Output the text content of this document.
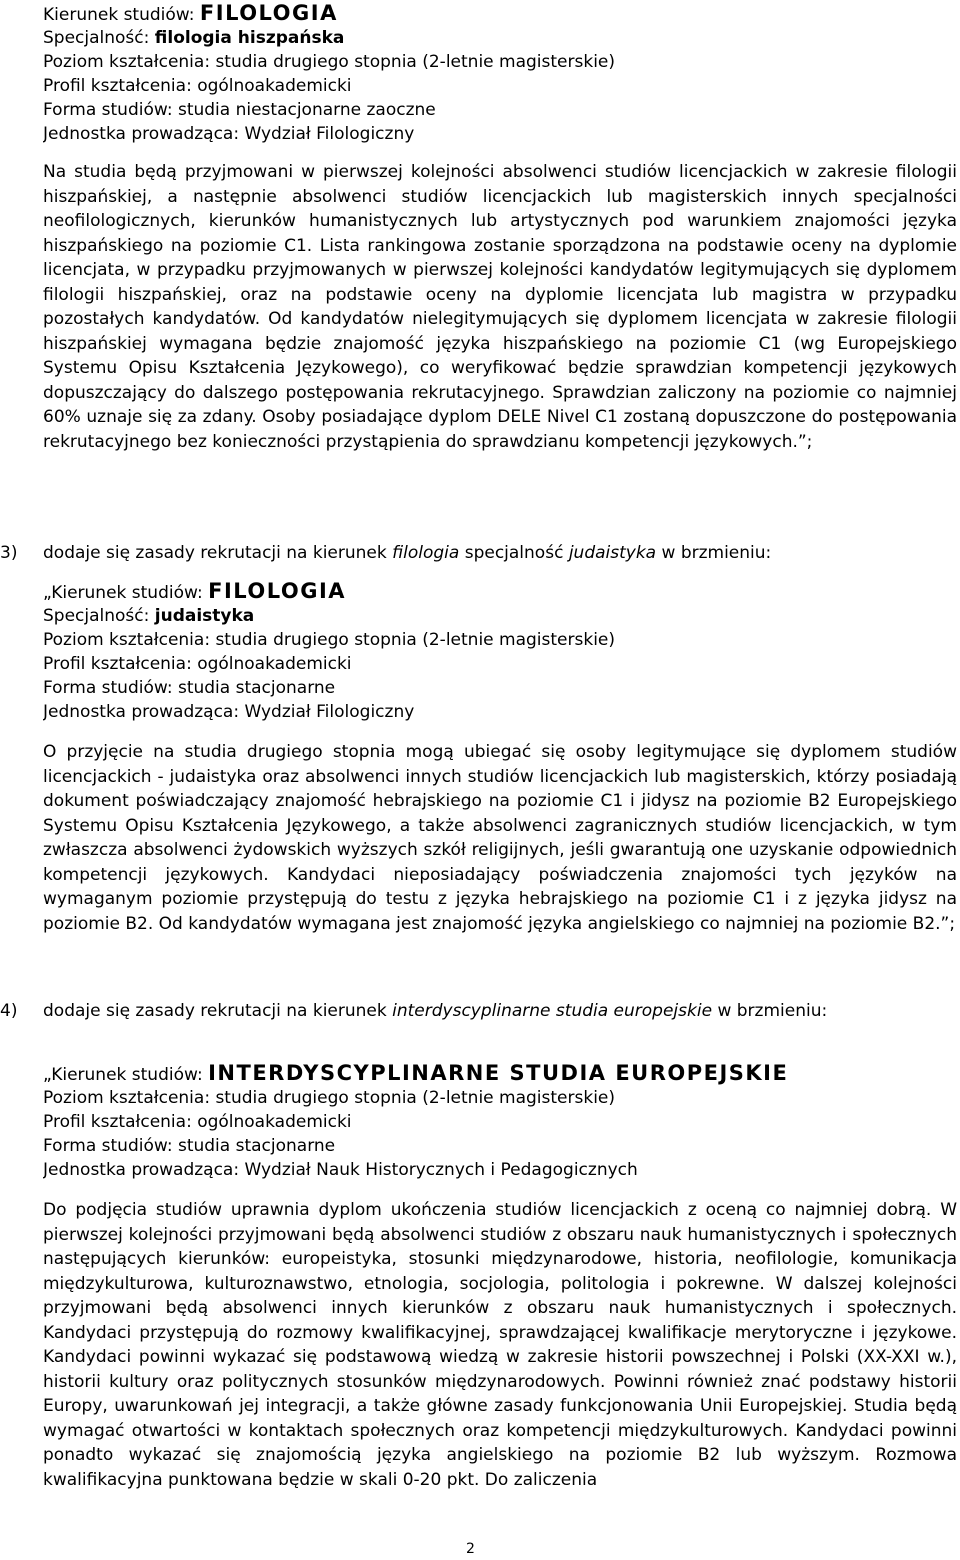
Kierunek studiów: FILOLOGIA
Specjalność: filologia hiszpańska
Poziom kształcenia: studia drugiego stopnia (2-letnie magisterskie)
Profil kształcenia: ogólnoakademicki
Forma studiów: studia niestacjonarne zaoczne
Jednostka prowadząca: Wydział Filologiczny
Na studia będą przyjmowani w pierwszej kolejności absolwenci studiów licencjackich w zakresie filologii hiszpańskiej, a następnie absolwenci studiów licencjackich lub magisterskich innych specjalności neofilologicznych, kierunków humanistycznych lub artystycznych pod warunkiem znajomości języka hiszpańskiego na poziomie C1. Lista rankingowa zostanie sporządzona na podstawie oceny na dyplomie licencjata, w przypadku przyjmowanych w pierwszej kolejności kandydatów legitymujących się dyplomem filologii hiszpańskiej, oraz na podstawie oceny na dyplomie licencjata lub magistra w przypadku pozostałych kandydatów. Od kandydatów nielegitymujących się dyplomem licencjata w zakresie filologii hiszpańskiej wymagana będzie znajomość języka hiszpańskiego na poziomie C1 (wg Europejskiego Systemu Opisu Kształcenia Językowego), co weryfikować będzie sprawdzian kompetencji językowych dopuszczający do dalszego postępowania rekrutacyjnego. Sprawdzian zaliczony na poziomie co najmniej 60% uznaje się za zdany. Osoby posiadające dyplom DELE Nivel C1 zostaną dopuszczone do postępowania rekrutacyjnego bez konieczności przystąpienia do sprawdzianu kompetencji językowych.”;
3) dodaje się zasady rekrutacji na kierunek filologia specjalność judaistyka w brzmieniu:
„Kierunek studiów: FILOLOGIA
Specjalność: judaistyka
Poziom kształcenia: studia drugiego stopnia (2-letnie magisterskie)
Profil kształcenia: ogólnoakademicki
Forma studiów: studia stacjonarne
Jednostka prowadząca: Wydział Filologiczny
O przyjęcie na studia drugiego stopnia mogą ubiegać się osoby legitymujące się dyplomem studiów licencjackich - judaistyka oraz absolwenci innych studiów licencjackich lub magisterskich, którzy posiadają dokument poświadczający znajomość hebrajskiego na poziomie C1 i jidysz na poziomie B2 Europejskiego Systemu Opisu Kształcenia Językowego, a także absolwenci zagranicznych studiów licencjackich, w tym zwłaszcza absolwenci żydowskich wyższych szkół religijnych, jeśli gwarantują one uzyskanie odpowiednich kompetencji językowych. Kandydaci nieposiadający poświadczenia znajomości tych języków na wymaganym poziomie przystępują do testu z języka hebrajskiego na poziomie C1 i z języka jidysz na poziomie B2. Od kandydatów wymagana jest znajomość języka angielskiego co najmniej na poziomie B2.”;
4) dodaje się zasady rekrutacji na kierunek interdyscyplinarne studia europejskie w brzmieniu:
„Kierunek studiów: INTERDYSCYPLINARNE STUDIA EUROPEJSKIE
Poziom kształcenia: studia drugiego stopnia (2-letnie magisterskie)
Profil kształcenia: ogólnoakademicki
Forma studiów: studia stacjonarne
Jednostka prowadząca: Wydział Nauk Historycznych i Pedagogicznych
Do podjęcia studiów uprawnia dyplom ukończenia studiów licencjackich z oceną co najmniej dobrą. W pierwszej kolejności przyjmowani będą absolwenci studiów z obszaru nauk humanistycznych i społecznych następujących kierunków: europeistyka, stosunki międzynarodowe, historia, neofilologie, komunikacja międzykulturowa, kulturoznawstwo, etnologia, socjologia, politologia i pokrewne. W dalszej kolejności przyjmowani będą absolwenci innych kierunków z obszaru nauk humanistycznych i społecznych. Kandydaci przystępują do rozmowy kwalifikacyjnej, sprawdzającej kwalifikacje merytoryczne i językowe. Kandydaci powinni wykazać się podstawową wiedzą w zakresie historii powszechnej i Polski (XX-XXI w.), historii kultury oraz politycznych stosunków międzynarodowych. Powinni również znać podstawy historii Europy, uwarunkowań jej integracji, a także główne zasady funkcjonowania Unii Europejskiej. Studia będą wymagać otwartości w kontaktach społecznych oraz kompetencji międzykulturowych. Kandydaci powinni ponadto wykazać się znajomością języka angielskiego na poziomie B2 lub wyższym. Rozmowa kwalifikacyjna punktowana będzie w skali 0-20 pkt. Do zaliczenia
2
